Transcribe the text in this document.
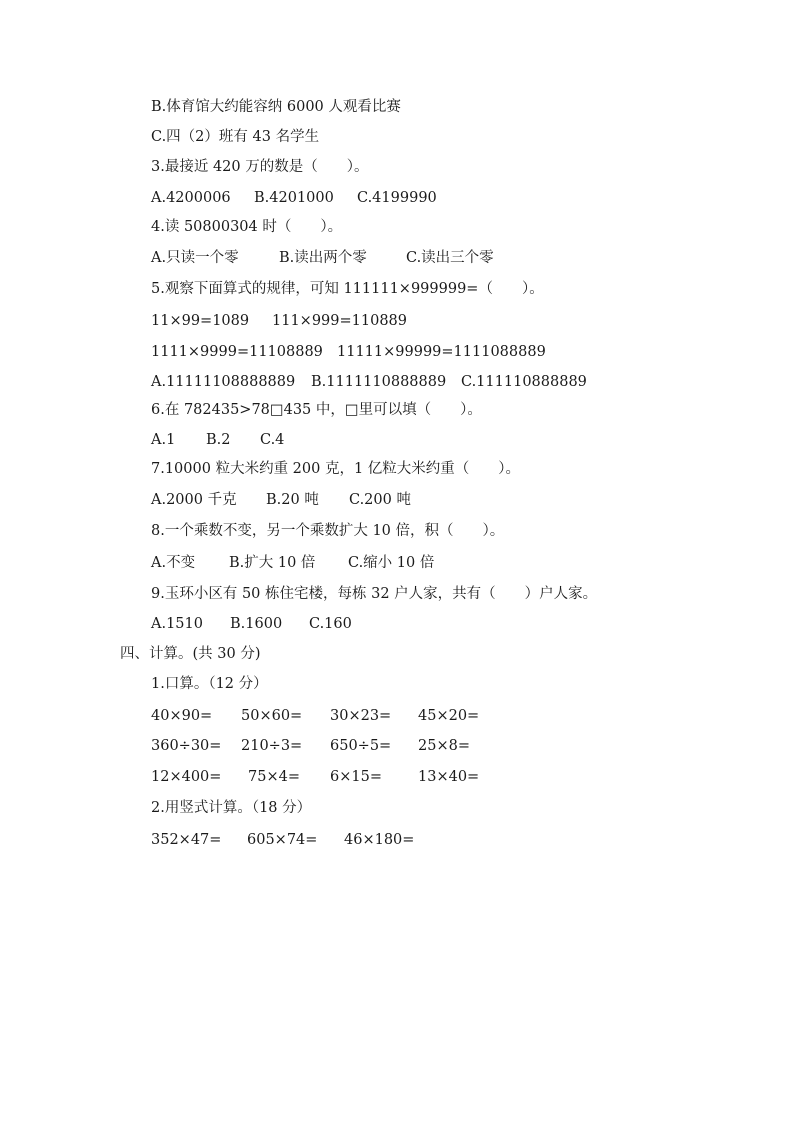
B.体育馆大约能容纳 6000 人观看比赛
C.四（2）班有 43 名学生
3.最接近 420 万的数是（　　）。
A.4200006	B.4201000	C.4199990
4.读 50800304 时（　　）。
A.只读一个零	B.读出两个零	C.读出三个零
5.观察下面算式的规律，可知 111111×999999=（　　）。
11×99=1089	111×999=110889
1111×9999=11108889 11111×99999=1111088889
A.11111108888889	B.1111110888889	C.111110888889
6.在 782435>78□435 中，□里可以填（　　）。
A.1	B.2	C.4
7.10000 粒大米约重 200 克，1 亿粒大米约重（　　）。
A.2000 千克	B.20 吨	C.200 吨
8.一个乘数不变，另一个乘数扩大 10 倍，积（　　）。
A.不变	B.扩大 10 倍	C.缩小 10 倍
9.玉环小区有 50 栋住宅楼，每栋 32 户人家，共有（　　）户人家。
A.1510	B.1600	C.160
四、计算。(共 30 分)
1.口算。（12 分）
40×90=	50×60=	30×23=	45×20=
360÷30=	210÷3=	650÷5=	25×8=
12×400=	75×4=	6×15=	13×40=
2.用竖式计算。（18 分）
352×47=	605×74=	46×180=
